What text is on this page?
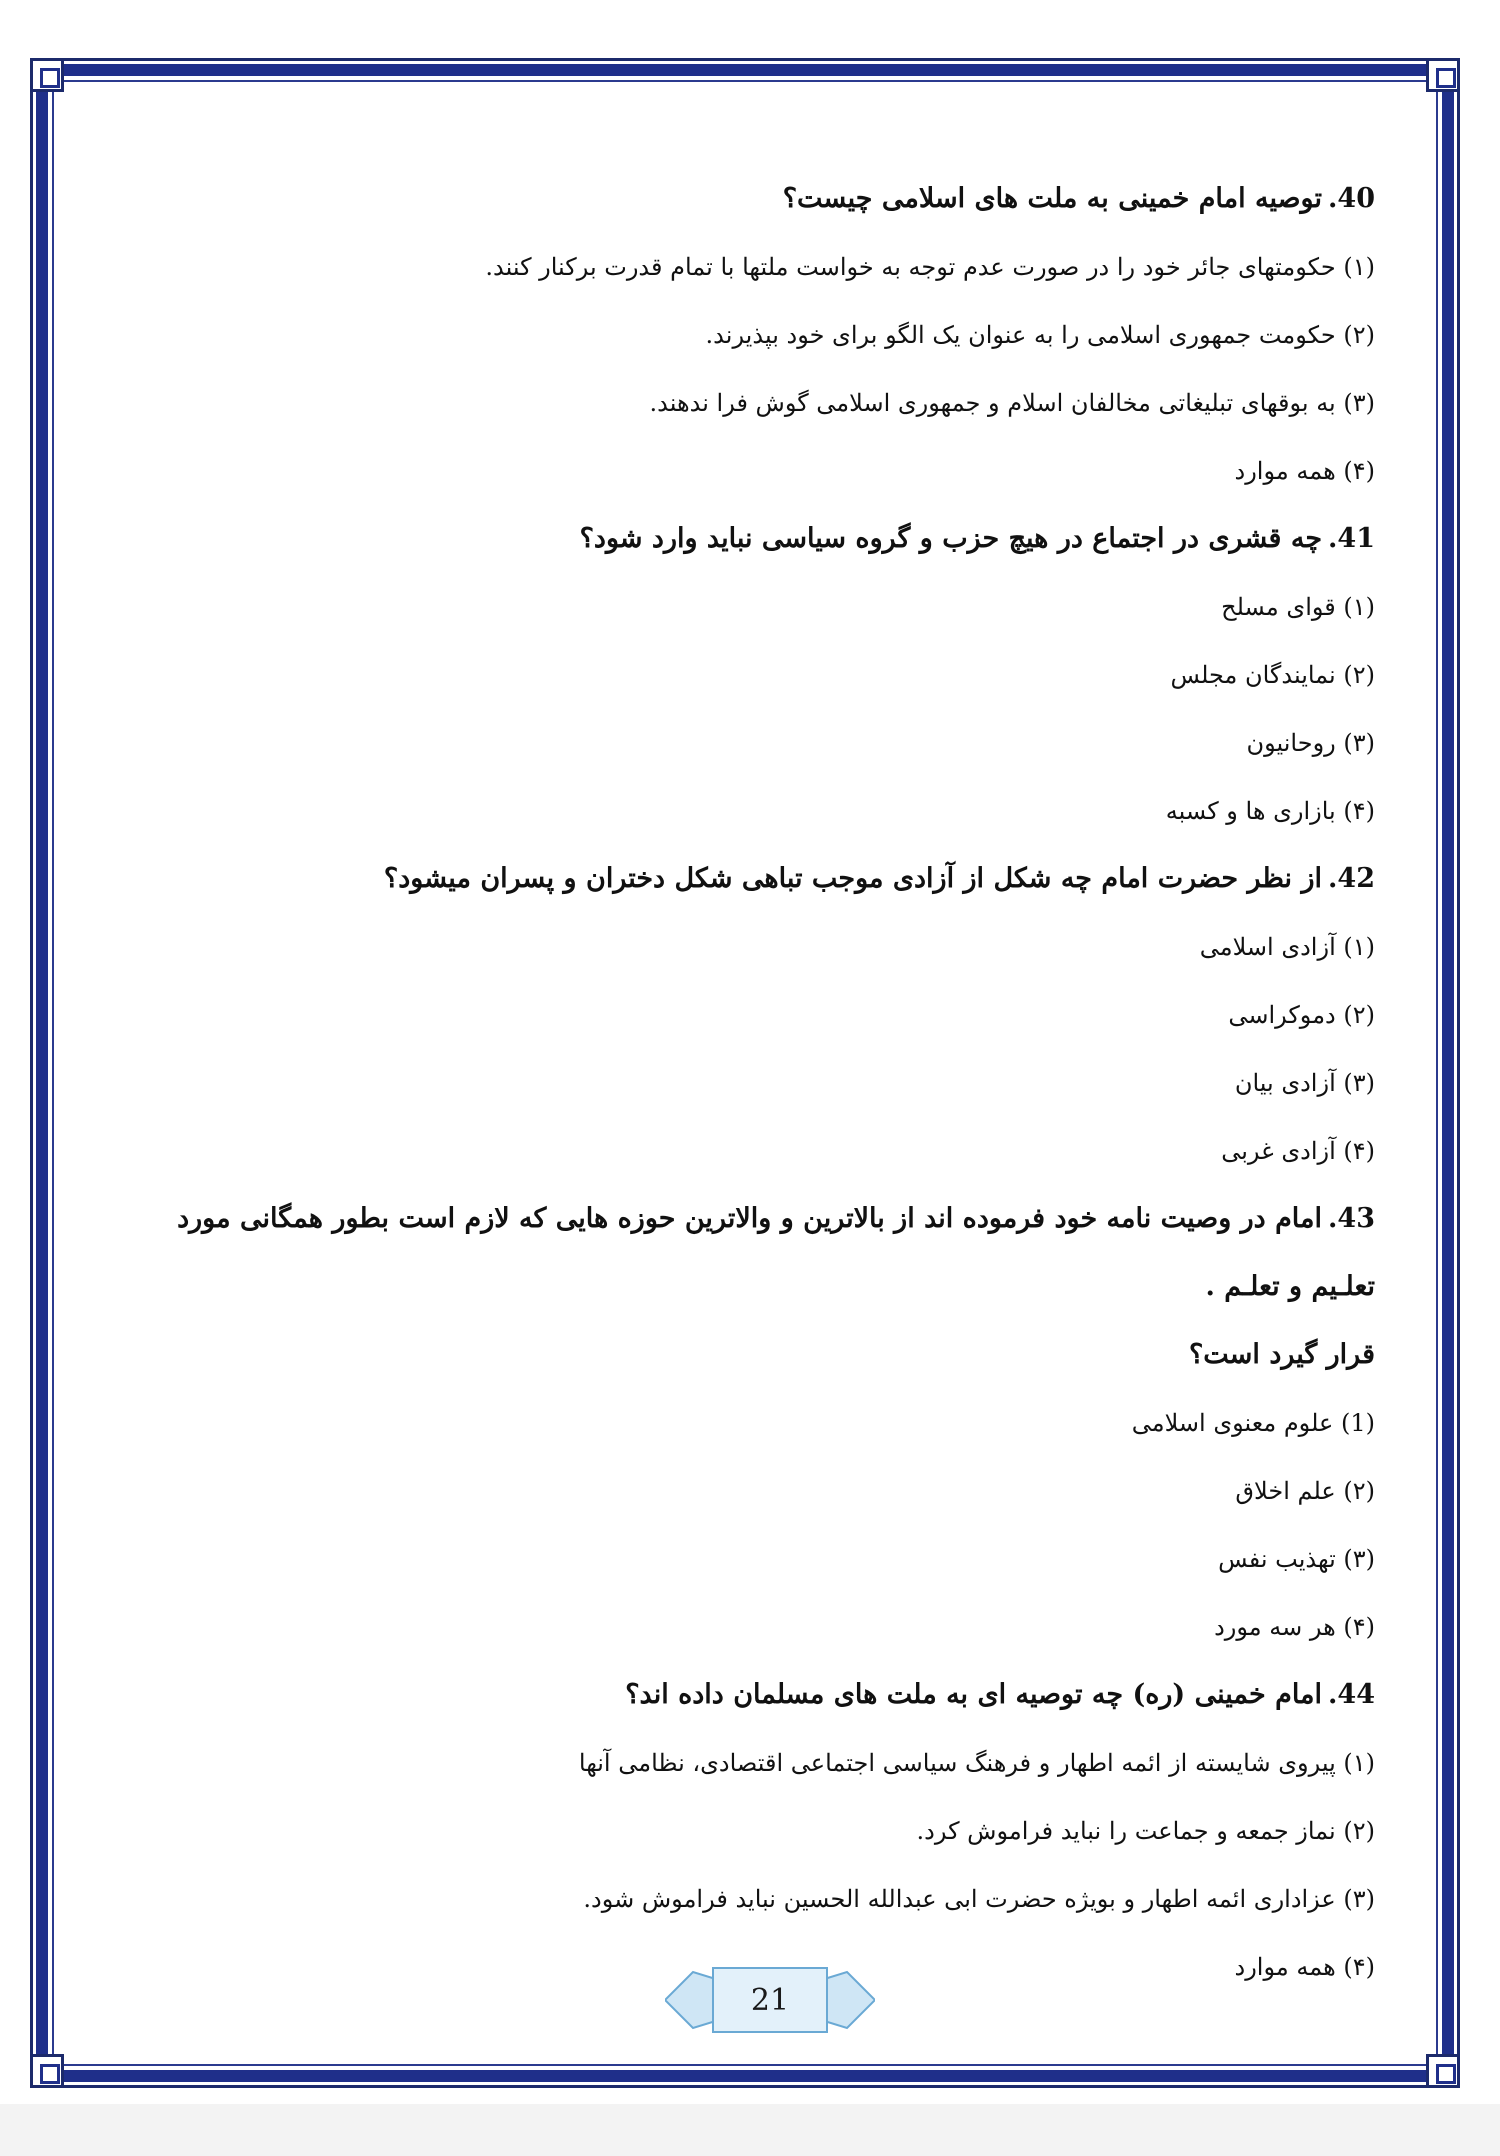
40.توصیه امام خمینی به ملت های اسلامی چیست؟

(۱) حکومتهای جائر خود را در صورت عدم توجه به خواست ملتها با تمام قدرت برکنار کنند.

(۲) حکومت جمهوری اسلامی را به عنوان یک الگو برای خود بپذیرند.

(۳) به بوقهای تبلیغاتی مخالفان اسلام و جمهوری اسلامی گوش فرا ندهند.

(۴) همه موارد

41.چه قشری در اجتماع در هیچ حزب و گروه سیاسی نباید وارد شود؟

(۱) قوای مسلح

(۲) نمایندگان مجلس

(۳) روحانیون

(۴) بازاری ها و کسبه

42.از نظر حضرت امام چه شکل از آزادی موجب تباهی شکل دختران و پسران میشود؟

(۱) آزادی اسلامی

(۲) دموکراسی

(۳) آزادی بیان

(۴) آزادی غربی

43.امام در وصیت نامه خود فرموده اند از بالاترین و والاترین حوزه هایی که لازم است بطور همگانی مورد تعلـیم و تعلـم .

قرار گیرد است؟

(1) علوم معنوی اسلامی

(۲) علم اخلاق

(۳) تهذیب نفس

(۴) هر سه مورد

44.امام خمینی (ره) چه توصیه ای به ملت های مسلمان داده اند؟

(۱) پیروی شایسته از ائمه اطهار و فرهنگ سیاسی اجتماعی اقتصادی، نظامی آنها

(۲) نماز جمعه و جماعت را نباید فراموش کرد.

(۳) عزاداری ائمه اطهار و بویژه حضرت ابی عبدالله الحسین نباید فراموش شود.

(۴) همه موارد

21
